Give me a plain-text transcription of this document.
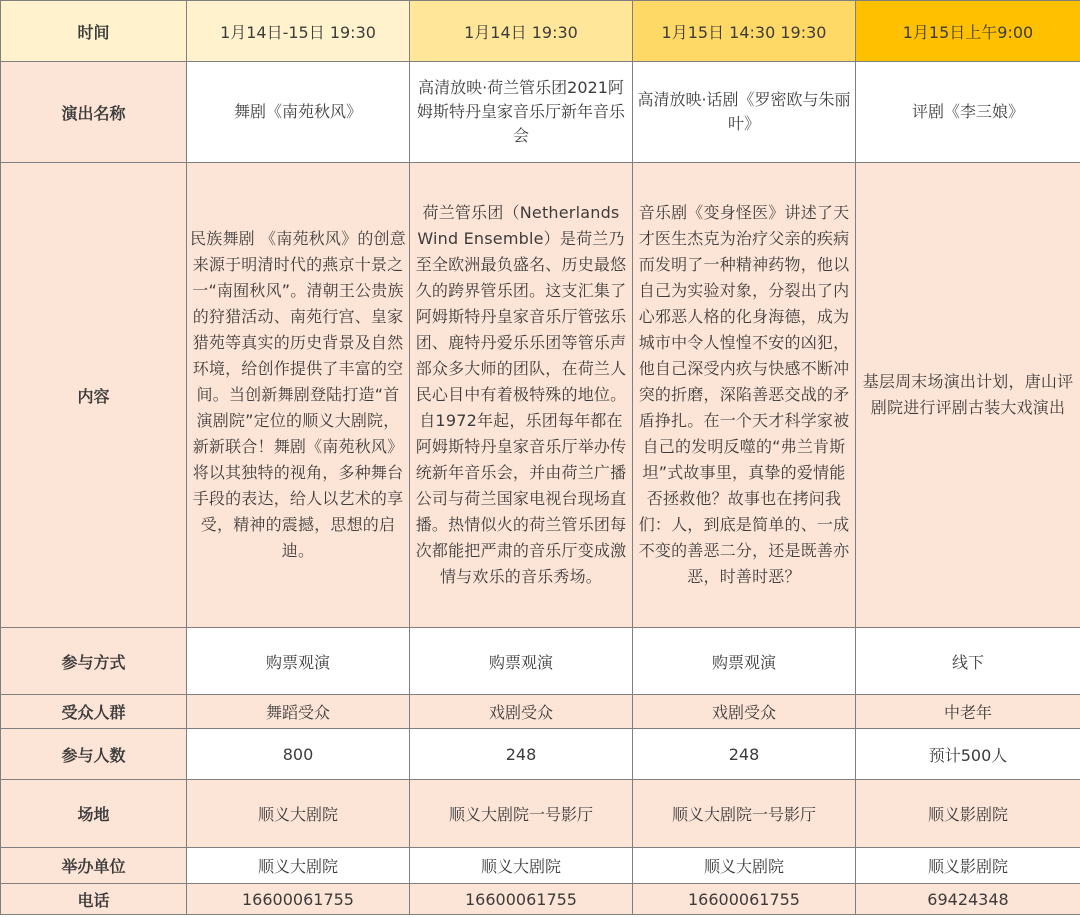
时间	1月14日-15日 19:30	1月14日 19:30	1月15日 14:30 19:30	1月15日上午9:00
演出名称	舞剧《南苑秋风》	高清放映·荷兰管乐团2021阿姆斯特丹皇家音乐厅新年音乐会	高清放映·话剧《罗密欧与朱丽叶》	评剧《李三娘》
内容	民族舞剧 《南苑秋风》的创意来源于明清时代的燕京十景之一“南囿秋风”。清朝王公贵族的狩猎活动、南苑行宫、皇家猎苑等真实的历史背景及自然环境，给创作提供了丰富的空间。当创新舞剧登陆打造“首演剧院”定位的顺义大剧院，新新联合！舞剧《南苑秋风》将以其独特的视角，多种舞台手段的表达，给人以艺术的享受，精神的震撼，思想的启迪。	荷兰管乐团（Netherlands Wind Ensemble）是荷兰乃至全欧洲最负盛名、历史最悠久的跨界管乐团。这支汇集了阿姆斯特丹皇家音乐厅管弦乐团、鹿特丹爱乐乐团等管乐声部众多大师的团队，在荷兰人民心目中有着极特殊的地位。自1972年起，乐团每年都在阿姆斯特丹皇家音乐厅举办传统新年音乐会，并由荷兰广播公司与荷兰国家电视台现场直播。热情似火的荷兰管乐团每次都能把严肃的音乐厅变成激情与欢乐的音乐秀场。	音乐剧《变身怪医》讲述了天才医生杰克为治疗父亲的疾病而发明了一种精神药物，他以自己为实验对象，分裂出了内心邪恶人格的化身海德，成为城市中令人惶惶不安的凶犯，他自己深受内疚与快感不断冲突的折磨，深陷善恶交战的矛盾挣扎。在一个天才科学家被自己的发明反噬的“弗兰肯斯坦”式故事里，真挚的爱情能否拯救他？故事也在拷问我们：人，到底是简单的、一成不变的善恶二分，还是既善亦恶，时善时恶？	基层周末场演出计划，唐山评剧院进行评剧古装大戏演出
参与方式	购票观演	购票观演	购票观演	线下
受众人群	舞蹈受众	戏剧受众	戏剧受众	中老年
参与人数	800	248	248	预计500人
场地	顺义大剧院	顺义大剧院一号影厅	顺义大剧院一号影厅	顺义影剧院
举办单位	顺义大剧院	顺义大剧院	顺义大剧院	顺义影剧院
电话	16600061755	16600061755	16600061755	69424348
